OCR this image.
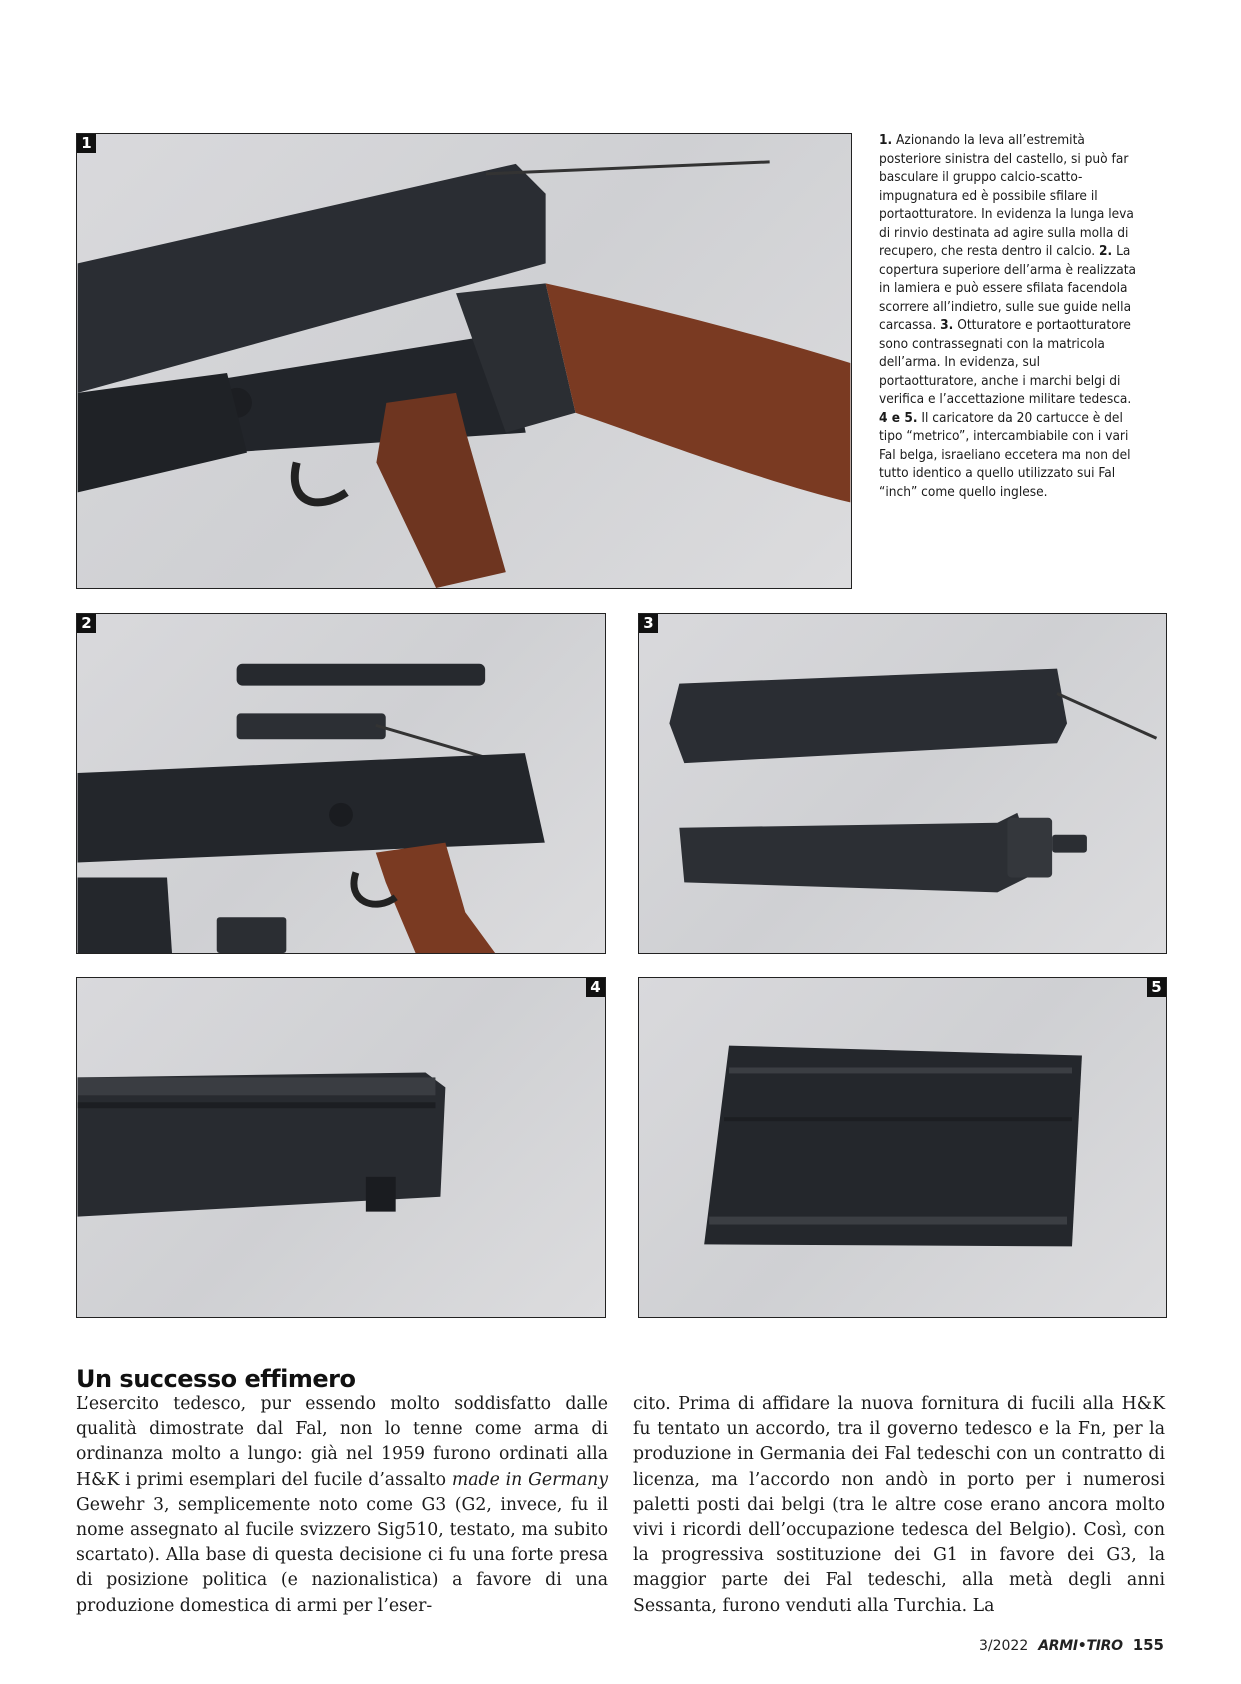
1	1. Azionando la leva all’estremità posteriore sinistra del castello, si può far basculare il gruppo calcio-scatto-impugnatura ed è possibile sfilare il portaotturatore. In evidenza la lunga leva di rinvio destinata ad agire sulla molla di recupero, che resta dentro il calcio. 2. La copertura superiore dell’arma è realizzata in lamiera e può essere sfilata facendola scorrere all’indietro, sulle sue guide nella carcassa. 3. Otturatore e portaotturatore sono contrassegnati con la matricola dell’arma. In evidenza, sul portaotturatore, anche i marchi belgi di verifica e l’accettazione militare tedesca. 4 e 5. Il caricatore da 20 cartucce è del tipo “metrico”, intercambiabile con i vari Fal belga, israeliano eccetera ma non del tutto identico a quello utilizzato sui Fal “inch” come quello inglese.
2	3
4	5
Un successo effimero

L’esercito tedesco, pur essendo molto soddisfatto dalle qualità dimostrate dal Fal, non lo tenne come arma di ordinanza molto a lungo: già nel 1959 furono ordinati alla H&K i primi esemplari del fucile d’assalto made in Germany Gewehr 3, semplicemente noto come G3 (G2, invece, fu il nome assegnato al fucile svizzero Sig510, testato, ma subito scartato). Alla base di questa decisione ci fu una forte presa di posizione politica (e nazionalistica) a favore di una produzione domestica di armi per l’eser-

cito. Prima di affidare la nuova fornitura di fucili alla H&K fu tentato un accordo, tra il governo tedesco e la Fn, per la produzione in Germania dei Fal tedeschi con un contratto di licenza, ma l’accordo non andò in porto per i numerosi paletti posti dai belgi (tra le altre cose erano ancora molto vivi i ricordi dell’occupazione tedesca del Belgio). Così, con la progressiva sostituzione dei G1 in favore dei G3, la maggior parte dei Fal tedeschi, alla metà degli anni Sessanta, furono venduti alla Turchia. La

3/2022 ARMI•TIRO 155
